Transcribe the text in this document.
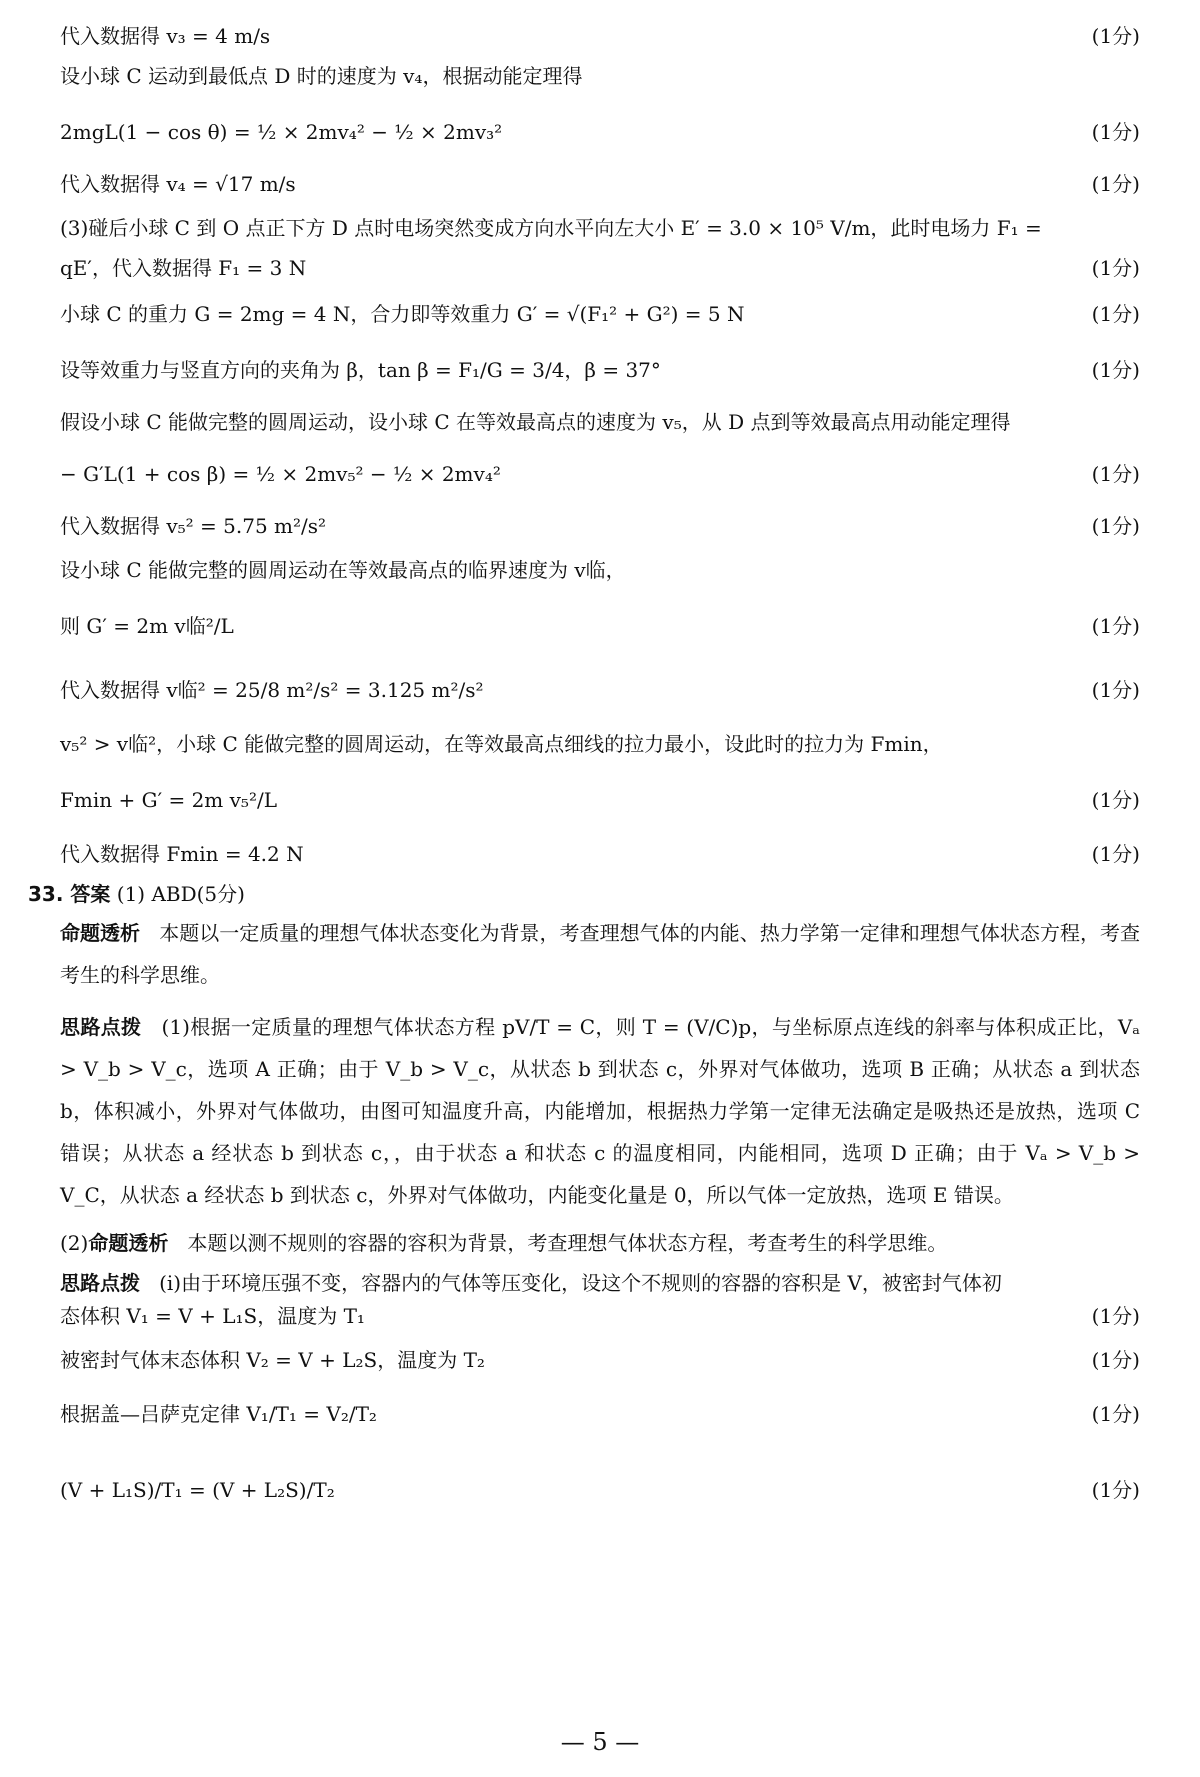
代入数据得 v₃ = 4 m/s	(1分)
设小球 C 运动到最低点 D 时的速度为 v₄，根据动能定理得
2mgL(1 − cos θ) = ½ × 2mv₄² − ½ × 2mv₃²	(1分)
代入数据得 v₄ = √17 m/s	(1分)
(3)碰后小球 C 到 O 点正下方 D 点时电场突然变成方向水平向左大小 E′ = 3.0 × 10⁵ V/m，此时电场力 F₁ =
qE′，代入数据得 F₁ = 3 N	(1分)
小球 C 的重力 G = 2mg = 4 N，合力即等效重力 G′ = √(F₁² + G²) = 5 N	(1分)
设等效重力与竖直方向的夹角为 β，tan β = F₁/G = 3/4，β = 37°	(1分)
假设小球 C 能做完整的圆周运动，设小球 C 在等效最高点的速度为 v₅，从 D 点到等效最高点用动能定理得
− G′L(1 + cos β) = ½ × 2mv₅² − ½ × 2mv₄²	(1分)
代入数据得 v₅² = 5.75 m²/s²	(1分)
设小球 C 能做完整的圆周运动在等效最高点的临界速度为 v临，
则 G′ = 2m v临²/L	(1分)
代入数据得 v临² = 25/8 m²/s² = 3.125 m²/s²	(1分)
v₅² > v临²，小球 C 能做完整的圆周运动，在等效最高点细线的拉力最小，设此时的拉力为 Fmin，
Fmin + G′ = 2m v₅²/L	(1分)
代入数据得 Fmin = 4.2 N	(1分)
33. 答案 (1) ABD(5分)
命题透析 本题以一定质量的理想气体状态变化为背景，考查理想气体的内能、热力学第一定律和理想气体状态方程，考查考生的科学思维。
思路点拨 (1)根据一定质量的理想气体状态方程 pV/T = C，则 T = (V/C)p，与坐标原点连线的斜率与体积成正比，Vₐ > V_b > V_c，选项 A 正确；由于 V_b > V_c，从状态 b 到状态 c，外界对气体做功，选项 B 正确；从状态 a 到状态 b，体积减小，外界对气体做功，由图可知温度升高，内能增加，根据热力学第一定律无法确定是吸热还是放热，选项 C 错误；从状态 a 经状态 b 到状态 c，，由于状态 a 和状态 c 的温度相同，内能相同，选项 D 正确；由于 Vₐ > V_b > V_C，从状态 a 经状态 b 到状态 c，外界对气体做功，内能变化量是 0，所以气体一定放热，选项 E 错误。
(2)命题透析 本题以测不规则的容器的容积为背景，考查理想气体状态方程，考查考生的科学思维。
思路点拨 (ⅰ)由于环境压强不变，容器内的气体等压变化，设这个不规则的容器的容积是 V，被密封气体初
态体积 V₁ = V + L₁S，温度为 T₁	(1分)
被密封气体末态体积 V₂ = V + L₂S，温度为 T₂	(1分)
根据盖—吕萨克定律 V₁/T₁ = V₂/T₂	(1分)
(V + L₁S)/T₁ = (V + L₂S)/T₂	(1分)
— 5 —
